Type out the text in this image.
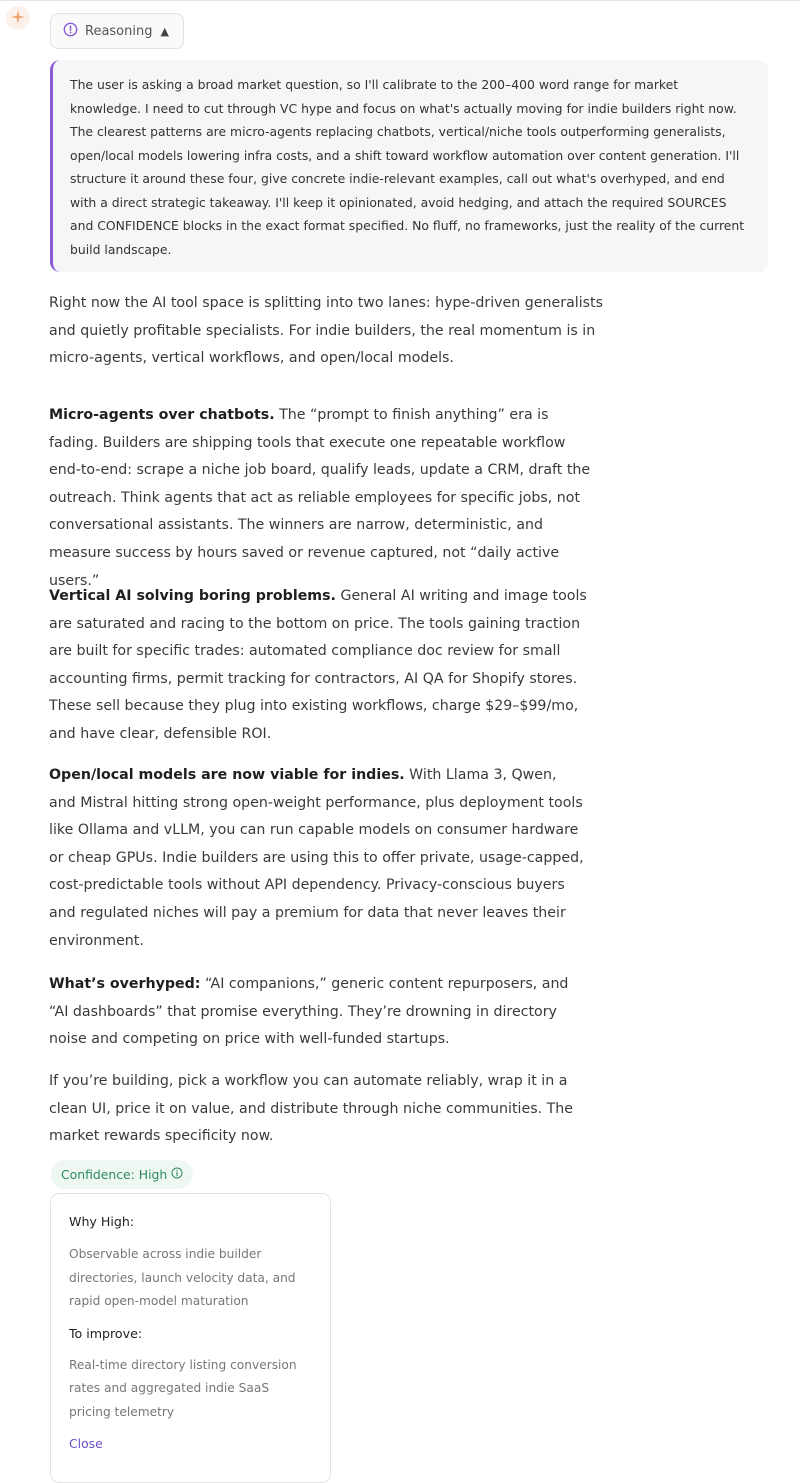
Reasoning ▲
The user is asking a broad market question, so I'll calibrate to the 200–400 word range for market knowledge. I need to cut through VC hype and focus on what's actually moving for indie builders right now. The clearest patterns are micro-agents replacing chatbots, vertical/niche tools outperforming generalists, open/local models lowering infra costs, and a shift toward workflow automation over content generation. I'll structure it around these four, give concrete indie-relevant examples, call out what's overhyped, and end with a direct strategic takeaway. I'll keep it opinionated, avoid hedging, and attach the required SOURCES and CONFIDENCE blocks in the exact format specified. No fluff, no frameworks, just the reality of the current build landscape.

Right now the AI tool space is splitting into two lanes: hype-driven generalists and quietly profitable specialists. For indie builders, the real momentum is in micro-agents, vertical workflows, and open/local models.

Micro-agents over chatbots. The “prompt to finish anything” era is fading. Builders are shipping tools that execute one repeatable workflow end-to-end: scrape a niche job board, qualify leads, update a CRM, draft the outreach. Think agents that act as reliable employees for specific jobs, not conversational assistants. The winners are narrow, deterministic, and measure success by hours saved or revenue captured, not “daily active users.”

Vertical AI solving boring problems. General AI writing and image tools are saturated and racing to the bottom on price. The tools gaining traction are built for specific trades: automated compliance doc review for small accounting firms, permit tracking for contractors, AI QA for Shopify stores. These sell because they plug into existing workflows, charge $29–$99/mo, and have clear, defensible ROI.

Open/local models are now viable for indies. With Llama 3, Qwen, and Mistral hitting strong open-weight performance, plus deployment tools like Ollama and vLLM, you can run capable models on consumer hardware or cheap GPUs. Indie builders are using this to offer private, usage-capped, cost-predictable tools without API dependency. Privacy-conscious buyers and regulated niches will pay a premium for data that never leaves their environment.

What’s overhyped: “AI companions,” generic content repurposers, and “AI dashboards” that promise everything. They’re drowning in directory noise and competing on price with well-funded startups.

If you’re building, pick a workflow you can automate reliably, wrap it in a clean UI, price it on value, and distribute through niche communities. The market rewards specificity now.

Confidence: High

Why High:

Observable across indie builder directories, launch velocity data, and rapid open-model maturation

To improve:

Real-time directory listing conversion rates and aggregated indie SaaS pricing telemetry

Close
